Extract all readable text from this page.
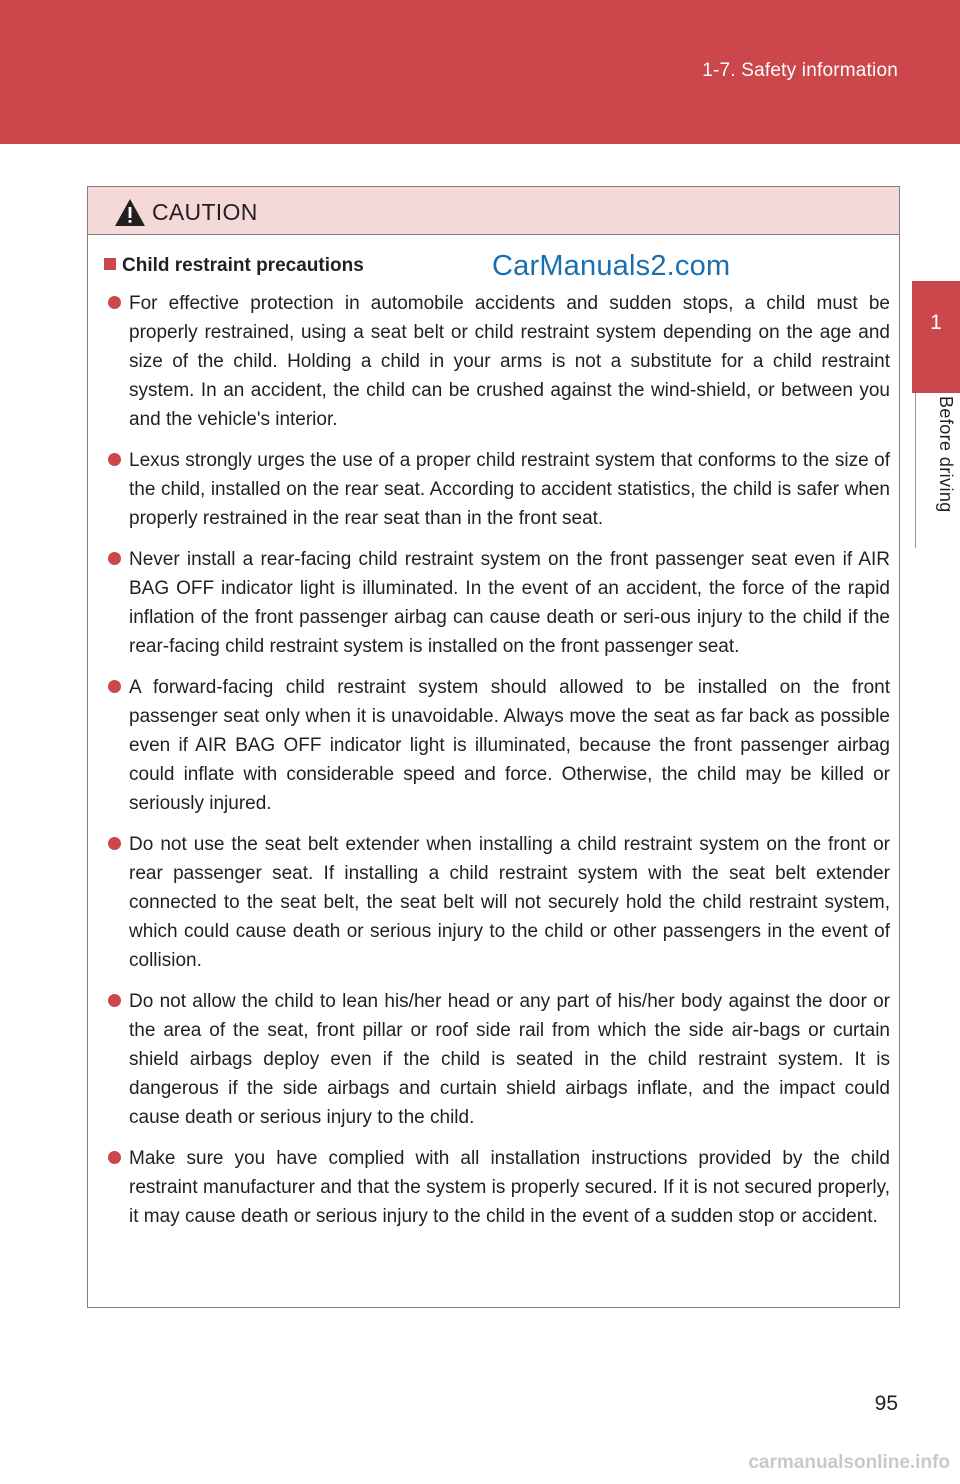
1-7. Safety information
1
Before driving
CAUTION
Child restraint precautions
For effective protection in automobile accidents and sudden stops, a child must be properly restrained, using a seat belt or child restraint system depending on the age and size of the child. Holding a child in your arms is not a substitute for a child restraint system. In an accident, the child can be crushed against the wind-shield, or between you and the vehicle's interior.
Lexus strongly urges the use of a proper child restraint system that conforms to the size of the child, installed on the rear seat. According to accident statistics, the child is safer when properly restrained in the rear seat than in the front seat.
Never install a rear-facing child restraint system on the front passenger seat even if AIR BAG OFF indicator light is illuminated. In the event of an accident, the force of the rapid inflation of the front passenger airbag can cause death or seri-ous injury to the child if the rear-facing child restraint system is installed on the front passenger seat.
A forward-facing child restraint system should allowed to be installed on the front passenger seat only when it is unavoidable. Always move the seat as far back as possible even if AIR BAG OFF indicator light is illuminated, because the front passenger airbag could inflate with considerable speed and force. Otherwise, the child may be killed or seriously injured.
Do not use the seat belt extender when installing a child restraint system on the front or rear passenger seat. If installing a child restraint system with the seat belt extender connected to the seat belt, the seat belt will not securely hold the child restraint system, which could cause death or serious injury to the child or other passengers in the event of collision.
Do not allow the child to lean his/her head or any part of his/her body against the door or the area of the seat, front pillar or roof side rail from which the side air-bags or curtain shield airbags deploy even if the child is seated in the child restraint system. It is dangerous if the side airbags and curtain shield airbags inflate, and the impact could cause death or serious injury to the child.
Make sure you have complied with all installation instructions provided by the child restraint manufacturer and that the system is properly secured. If it is not secured properly, it may cause death or serious injury to the child in the event of a sudden stop or accident.
CarManuals2.com
95
carmanualsonline.info
